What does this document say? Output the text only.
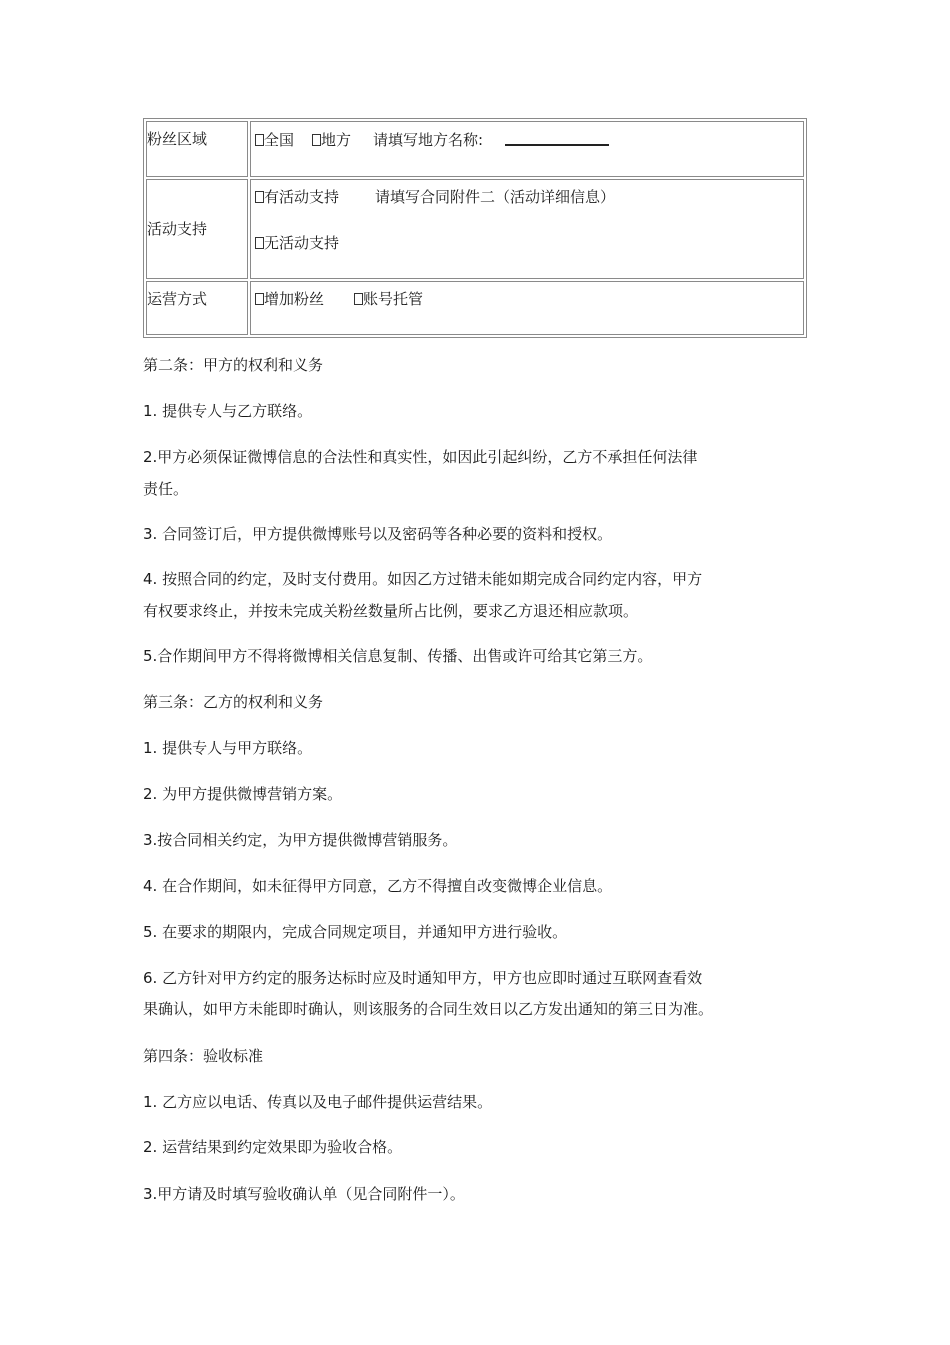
粉丝区域	全国 地方 请填写地方名称:
活动支持	有活动支持 请填写合同附件二（活动详细信息）
无活动支持

运营方式	增加粉丝 账号托管

第二条：甲方的权利和义务

1. 提供专人与乙方联络。

2.甲方必须保证微博信息的合法性和真实性，如因此引起纠纷，乙方不承担任何法律

责任。

3. 合同签订后，甲方提供微博账号以及密码等各种必要的资料和授权。

4. 按照合同的约定，及时支付费用。如因乙方过错未能如期完成合同约定内容，甲方

有权要求终止，并按未完成关粉丝数量所占比例，要求乙方退还相应款项。

5.合作期间甲方不得将微博相关信息复制、传播、出售或许可给其它第三方。

第三条：乙方的权利和义务

1. 提供专人与甲方联络。

2. 为甲方提供微博营销方案。

3.按合同相关约定，为甲方提供微博营销服务。

4. 在合作期间，如未征得甲方同意，乙方不得擅自改变微博企业信息。

5. 在要求的期限内，完成合同规定项目，并通知甲方进行验收。

6. 乙方针对甲方约定的服务达标时应及时通知甲方，甲方也应即时通过互联网查看效

果确认，如甲方未能即时确认，则该服务的合同生效日以乙方发出通知的第三日为准。

第四条：验收标准

1. 乙方应以电话、传真以及电子邮件提供运营结果。

2. 运营结果到约定效果即为验收合格。

3.甲方请及时填写验收确认单（见合同附件一）。
